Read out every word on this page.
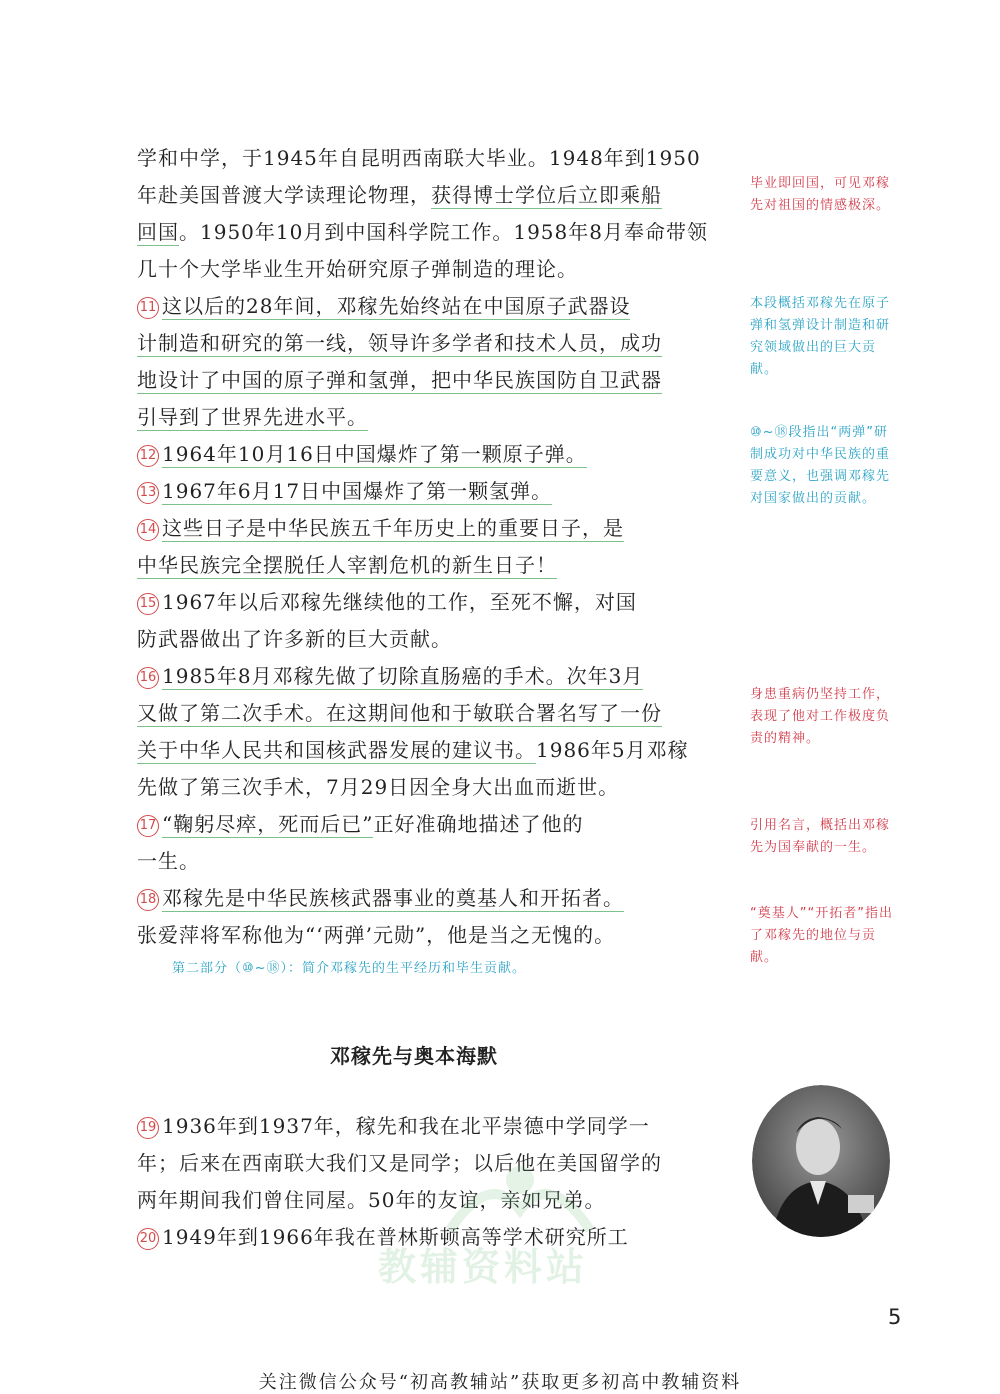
学和中学，于1945年自昆明西南联大毕业。1948年到1950
年赴美国普渡大学读理论物理，获得博士学位后立即乘船
回国。1950年10月到中国科学院工作。1958年8月奉命带领
几十个大学毕业生开始研究原子弹制造的理论。
11 这以后的28年间，邓稼先始终站在中国原子武器设
计制造和研究的第一线，领导许多学者和技术人员，成功
地设计了中国的原子弹和氢弹，把中华民族国防自卫武器
引导到了世界先进水平。
12 1964年10月16日中国爆炸了第一颗原子弹。
13 1967年6月17日中国爆炸了第一颗氢弹。
14 这些日子是中华民族五千年历史上的重要日子，是
中华民族完全摆脱任人宰割危机的新生日子！
15 1967年以后邓稼先继续他的工作，至死不懈，对国
防武器做出了许多新的巨大贡献。
16 1985年8月邓稼先做了切除直肠癌的手术。次年3月
又做了第二次手术。在这期间他和于敏联合署名写了一份
关于中华人民共和国核武器发展的建议书。1986年5月邓稼
先做了第三次手术，7月29日因全身大出血而逝世。
17 “鞠躬尽瘁，死而后已”正好准确地描述了他的
一生。
18 邓稼先是中华民族核武器事业的奠基人和开拓者。
张爱萍将军称他为“‘两弹’元勋”，他是当之无愧的。
19 1936年到1937年，稼先和我在北平崇德中学同学一
年；后来在西南联大我们又是同学；以后他在美国留学的
两年期间我们曾住同屋。50年的友谊，亲如兄弟。
20 1949年到1966年我在普林斯顿高等学术研究所工
毕业即回国，可见邓稼先对祖国的情感极深。
本段概括邓稼先在原子弹和氢弹设计制造和研究领域做出的巨大贡献。
⑩~⑱段指出“两弹”研制成功对中华民族的重要意义，也强调邓稼先对国家做出的贡献。
身患重病仍坚持工作，表现了他对工作极度负责的精神。
引用名言，概括出邓稼先为国奉献的一生。
“奠基人”“开拓者”指出了邓稼先的地位与贡献。
第二部分（⑩~⑱）：简介邓稼先的生平经历和毕生贡献。
邓稼先与奥本海默
教辅资料站
5
关注微信公众号“初高教辅站”获取更多初高中教辅资料
